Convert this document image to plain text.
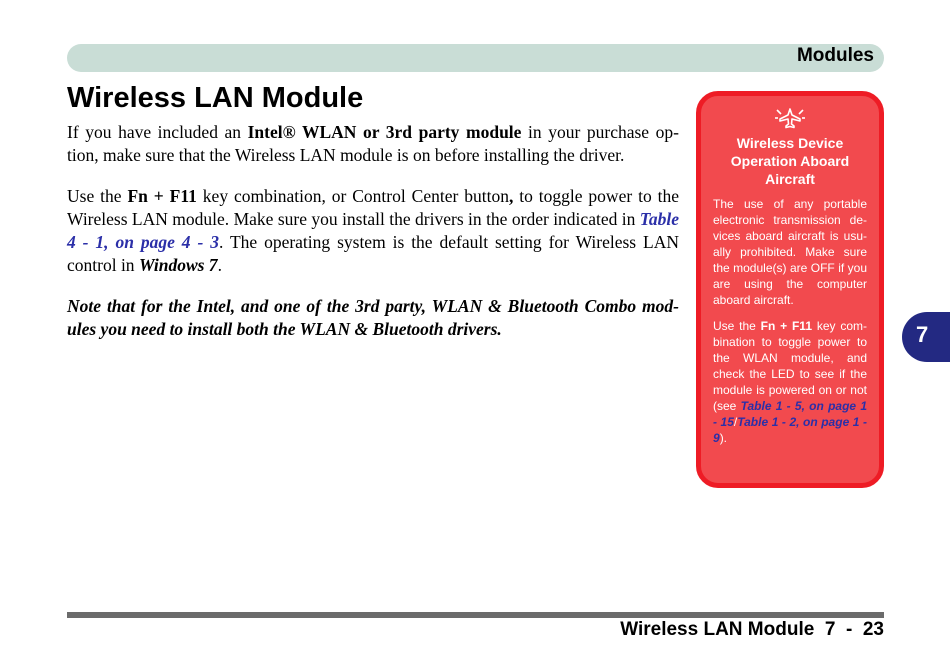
Modules
Wireless LAN Module

If you have included an Intel® WLAN or 3rd party module in your purchase op-tion, make sure that the Wireless LAN module is on before installing the driver.

Use the Fn + F11 key combination, or Control Center button, to toggle power to the Wireless LAN module. Make sure you install the drivers in the order indicated in Table 4 - 1, on page 4 - 3. The operating system is the default setting for Wireless LAN control in Windows 7.

Note that for the Intel, and one of the 3rd party, WLAN & Bluetooth Combo mod-ules you need to install both the WLAN & Bluetooth drivers.

Wireless Device Operation Aboard Aircraft

The use of any portable electronic transmission de-vices aboard aircraft is usu-ally prohibited. Make sure the module(s) are OFF if you are using the computer aboard aircraft.

Use the Fn + F11 key com-bination to toggle power to the WLAN module, and check the LED to see if the module is powered on or not (see Table 1 - 5, on page 1 - 15/Table 1 - 2, on page 1 - 9).

7
Wireless LAN Module  7  -  23
